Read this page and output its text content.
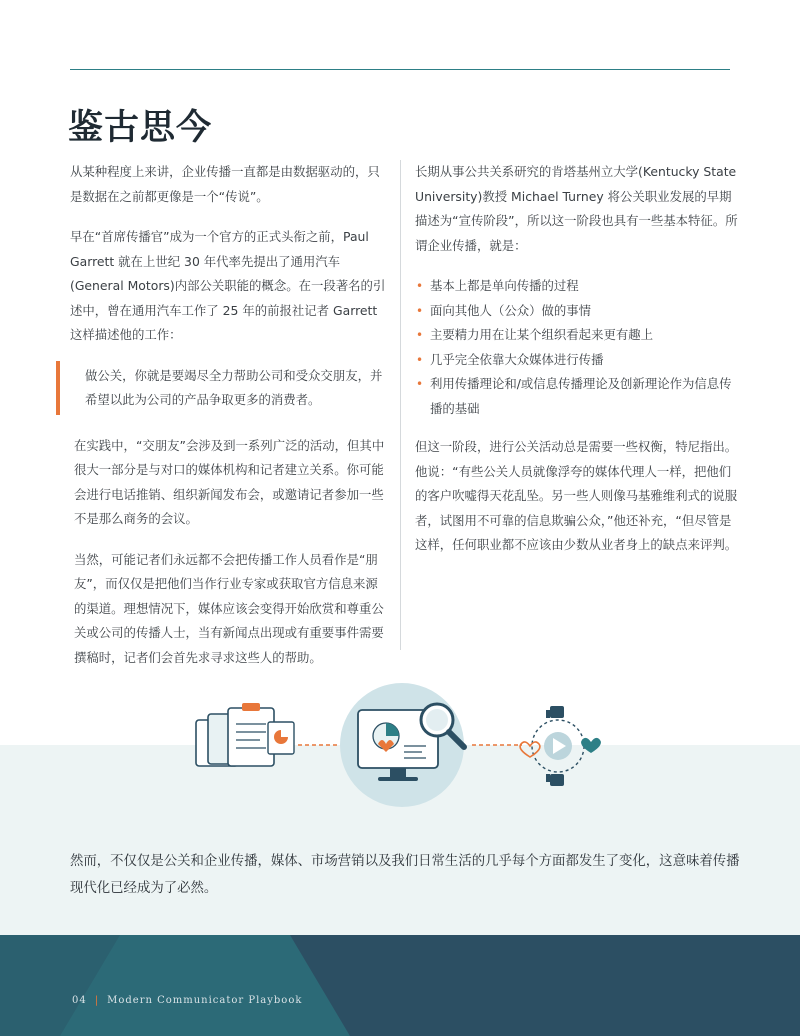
鉴古思今

从某种程度上来讲，企业传播一直都是由数据驱动的，只是数据在之前都更像是一个“传说”。

早在“首席传播官”成为一个官方的正式头衔之前，Paul Garrett 就在上世纪 30 年代率先提出了通用汽车(General Motors)内部公关职能的概念。在一段著名的引述中，曾在通用汽车工作了 25 年的前报社记者 Garrett 这样描述他的工作：

做公关，你就是要竭尽全力帮助公司和受众交朋友，并希望以此为公司的产品争取更多的消费者。

在实践中，“交朋友”会涉及到一系列广泛的活动，但其中很大一部分是与对口的媒体机构和记者建立关系。你可能会进行电话推销、组织新闻发布会，或邀请记者参加一些不是那么商务的会议。

当然，可能记者们永远都不会把传播工作人员看作是“朋友”，而仅仅是把他们当作行业专家或获取官方信息来源的渠道。理想情况下，媒体应该会变得开始欣赏和尊重公关或公司的传播人士，当有新闻点出现或有重要事件需要撰稿时，记者们会首先求寻求这些人的帮助。

长期从事公共关系研究的肯塔基州立大学(Kentucky State University)教授 Michael Turney 将公关职业发展的早期描述为“宣传阶段”，所以这一阶段也具有一些基本特征。所谓企业传播，就是：

• 基本上都是单向传播的过程
• 面向其他人（公众）做的事情
• 主要精力用在让某个组织看起来更有趣上
• 几乎完全依靠大众媒体进行传播
• 利用传播理论和/或信息传播理论及创新理论作为信息传播的基础

但这一阶段，进行公关活动总是需要一些权衡，特尼指出。他说：“有些公关人员就像浮夸的媒体代理人一样，把他们的客户吹嘘得天花乱坠。另一些人则像马基雅维利式的说服者，试图用不可靠的信息欺骗公众，”他还补充，“但尽管是这样，任何职业都不应该由少数从业者身上的缺点来评判。

然而，不仅仅是公关和企业传播，媒体、市场营销以及我们日常生活的几乎每个方面都发生了变化，这意味着传播现代化已经成为了必然。

04 | Modern Communicator Playbook
